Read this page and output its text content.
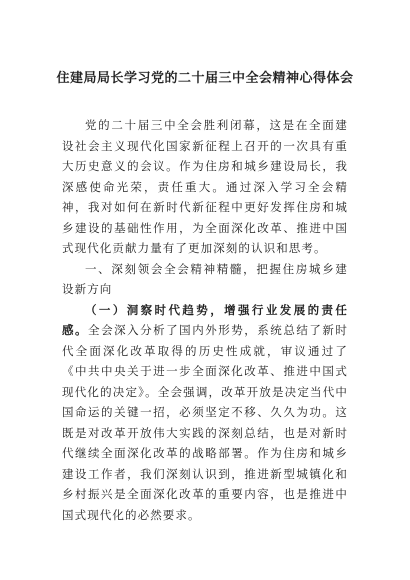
住建局局长学习党的二十届三中全会精神心得体会

党的二十届三中全会胜利闭幕，这是在全面建设社会主义现代化国家新征程上召开的一次具有重大历史意义的会议。作为住房和城乡建设局长，我深感使命光荣，责任重大。通过深入学习全会精神，我对如何在新时代新征程中更好发挥住房和城乡建设的基础性作用，为全面深化改革、推进中国式现代化贡献力量有了更加深刻的认识和思考。

一、深刻领会全会精神精髓，把握住房城乡建设新方向

（一）洞察时代趋势，增强行业发展的责任感。全会深入分析了国内外形势，系统总结了新时代全面深化改革取得的历史性成就，审议通过了《中共中央关于进一步全面深化改革、推进中国式现代化的决定》。全会强调，改革开放是决定当代中国命运的关键一招，必须坚定不移、久久为功。这既是对改革开放伟大实践的深刻总结，也是对新时代继续全面深化改革的战略部署。作为住房和城乡建设工作者，我们深刻认识到，推进新型城镇化和乡村振兴是全面深化改革的重要内容，也是推进中国式现代化的必然要求。
